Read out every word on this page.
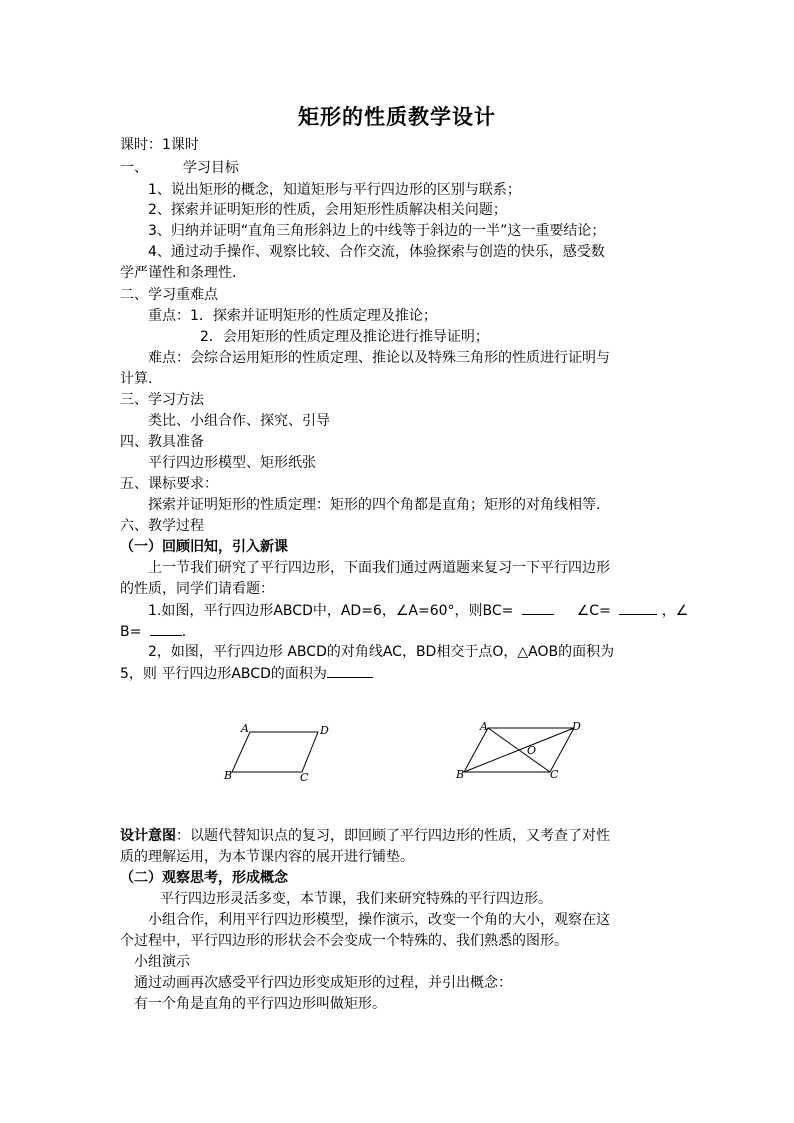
矩形的性质教学设计
课时：1课时
一、 学习目标
1、说出矩形的概念，知道矩形与平行四边形的区别与联系；
2、探索并证明矩形的性质，会用矩形性质解决相关问题；
3、归纳并证明“直角三角形斜边上的中线等于斜边的一半”这一重要结论；
4、通过动手操作、观察比较、合作交流，体验探索与创造的快乐，感受数
学严谨性和条理性.
二、学习重难点
重点：1．探索并证明矩形的性质定理及推论；
2．会用矩形的性质定理及推论进行推导证明；
难点：会综合运用矩形的性质定理、推论以及特殊三角形的性质进行证明与
计算.
三、学习方法
类比、小组合作、探究、引导
四、教具准备
平行四边形模型、矩形纸张
五、课标要求：
探索并证明矩形的性质定理：矩形的四个角都是直角；矩形的对角线相等.
六、教学过程
（一）回顾旧知，引入新课
上一节我们研究了平行四边形，下面我们通过两道题来复习一下平行四边形
的性质，同学们请看题：
1.如图，平行四边形ABCD中，AD=6，∠A=60°，则BC=	∠C=	，∠
B=	.
2，如图，平行四边形 ABCD的对角线AC，BD相交于点O，△AOB的面积为
5，则 平行四边形ABCD的面积为
A	D
B	C
A	D
B	C
O
设计意图：以题代替知识点的复习，即回顾了平行四边形的性质，又考查了对性
质的理解运用，为本节课内容的展开进行铺垫。
（二）观察思考，形成概念
平行四边形灵活多变，本节课，我们来研究特殊的平行四边形。
小组合作，利用平行四边形模型，操作演示，改变一个角的大小，观察在这
个过程中，平行四边形的形状会不会变成一个特殊的、我们熟悉的图形。
小组演示
通过动画再次感受平行四边形变成矩形的过程，并引出概念：
有一个角是直角的平行四边形叫做矩形。
